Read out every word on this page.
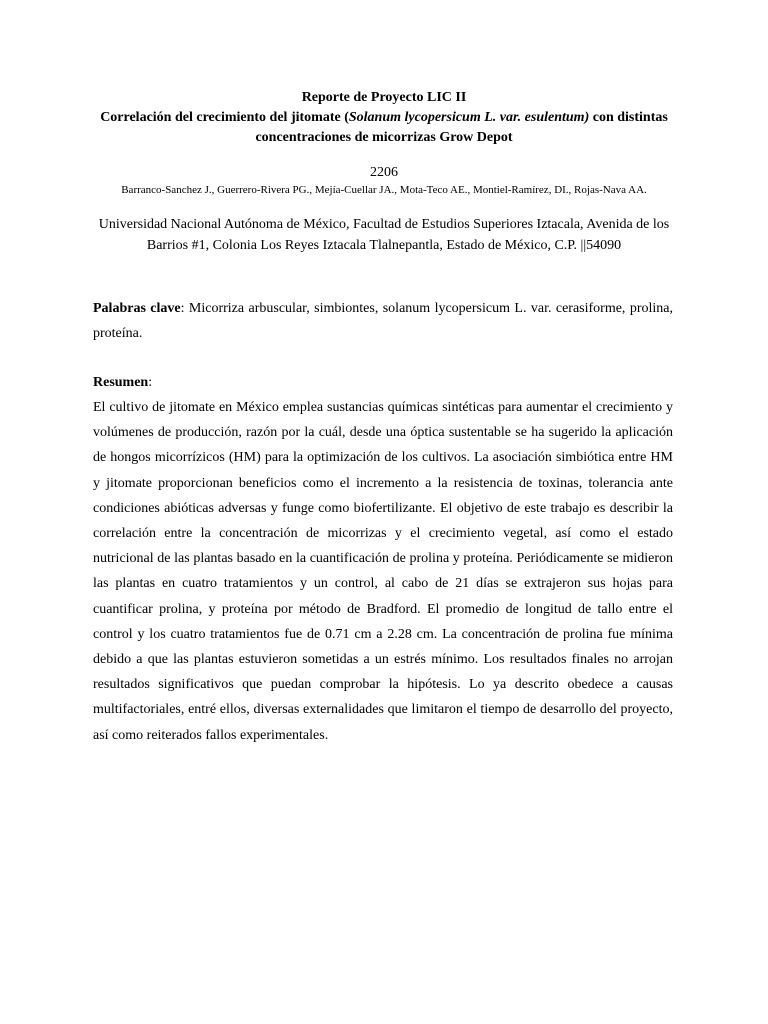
Reporte de Proyecto LIC II
Correlación del crecimiento del jitomate (Solanum lycopersicum L. var. esulentum) con distintas concentraciones de micorrizas Grow Depot
2206
Barranco-Sanchez J., Guerrero-Rivera PG., Mejía-Cuellar JA., Mota-Teco AE., Montiel-Ramírez, DI., Rojas-Nava AA.
Universidad Nacional Autónoma de México, Facultad de Estudios Superiores Iztacala, Avenida de los Barrios #1, Colonia Los Reyes Iztacala Tlalnepantla, Estado de México, C.P. ||54090
Palabras clave: Micorriza arbuscular, simbiontes, solanum lycopersicum L. var. cerasiforme, prolina, proteína.
Resumen:
El cultivo de jitomate en México emplea sustancias químicas sintéticas para aumentar el crecimiento y volúmenes de producción, razón por la cuál, desde una óptica sustentable se ha sugerido la aplicación de hongos micorrízicos (HM) para la optimización de los cultivos. La asociación simbiótica entre HM y jitomate proporcionan beneficios como el incremento a la resistencia de toxinas, tolerancia ante condiciones abióticas adversas y funge como biofertilizante. El objetivo de este trabajo es describir la correlación entre la concentración de micorrizas y el crecimiento vegetal, así como el estado nutricional de las plantas basado en la cuantificación de prolina y proteína. Periódicamente se midieron las plantas en cuatro tratamientos y un control, al cabo de 21 días se extrajeron sus hojas para cuantificar prolina, y proteína por método de Bradford. El promedio de longitud de tallo entre el control y los cuatro tratamientos fue de 0.71 cm a 2.28 cm. La concentración de prolina fue mínima debido a que las plantas estuvieron sometidas a un estrés mínimo. Los resultados finales no arrojan resultados significativos que puedan comprobar la hipótesis. Lo ya descrito obedece a causas multifactoriales, entré ellos, diversas externalidades que limitaron el tiempo de desarrollo del proyecto, así como reiterados fallos experimentales.
